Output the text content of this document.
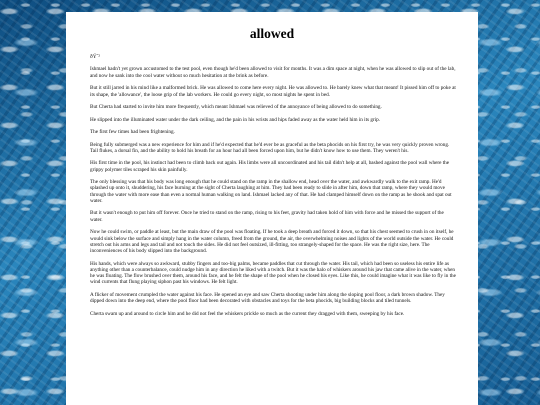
allowed

ðŸ˜²

Ishmael hadn't yet grown accustomed to the test pool, even though he'd been allowed to visit for months. It was a dim space at night, when he was allowed to slip out of the lab, and now he sank into the cool water without so much hesitation at the brink as before.

But it still jarred in his mind like a malformed brick. He was allowed to come here every night. He was allowed to. He barely knew what that meant! It pissed him off to poke at its shape, the 'allowance', the loose grip of the lab workers. He could go every night, so most nights he spent in bed.

But Cherta had started to invite him more frequently, which meant Ishmael was relieved of the annoyance of being allowed to do something.

He slipped into the illuminated water under the dark ceiling, and the pain in his wrists and hips faded away as the water held him in its grip.

The first few times had been frightening.

Being fully submerged was a new experience for him and if he'd expected that he'd ever be as graceful as the beta phocids on his first try, he was very quickly proven wrong. Tail flukes, a dorsal fin, and the ability to hold his breath for an hour had all been forced upon him, but he didn't know how to use them. They weren't his.

His first time in the pool, his instinct had been to climb back out again. His limbs were all uncoordinated and his tail didn't help at all, bashed against the pool wall where the grippy polymer tiles scraped his skin painfully.

The only blessing was that his body was long enough that he could stand on the ramp in the shallow end, head over the water, and awkwardly walk to the exit ramp. He'd splashed up onto it, shuddering, his face burning at the sight of Cherta laughing at him. They had been ready to slide in after him, down that ramp, where they would move through the water with more ease than even a normal human walking on land. Ishmael lacked any of that. He had clamped himself down on the ramp as he shook and spat out water.

But it wasn't enough to put him off forever. Once he tried to stand on the ramp, rising to his feet, gravity had taken hold of him with force and he missed the support of the water.

Now he could swim, or paddle at least, but the main draw of the pool was floating. If he took a deep breath and forced it down, so that his chest seemed to crush in on itself, he would sink below the surface and simply hang in the water column, freed from the ground, the air, the overwhelming noises and lights of the world outside the water. He could stretch out his arms and legs and tail and not touch the sides. He did not feel outsized, ill-fitting, too strangely-shaped for the space. He was the right size, here. The inconveniences of his body slipped into the background.

His hands, which were always so awkward, stubby fingers and too-big palms, became paddles that cut through the water. His tail, which had been so useless his entire life as anything other than a counterbalance, could nudge him in any direction he liked with a twitch. But it was the halo of whiskers around his jaw that came alive in the water, when he was floating. The flow brushed over them, around his face, and he felt the shape of the pool when he closed his eyes. Like this, he could imagine what it was like to fly in the wind currents that flung playing siphon past his windows. He felt light.

A flicker of movement crumpled the water against his face. He opened an eye and saw Cherta shooting under him along the sloping pool floor, a dark brown shadow. They dipped down into the deep end, where the pool floor had been decorated with obstacles and toys for the beta phocids, big building blocks and tiled tunnels.

Cherta swam up and around to circle him and he did not feel the whiskers prickle so much as the current they dragged with them, sweeping by his face.
